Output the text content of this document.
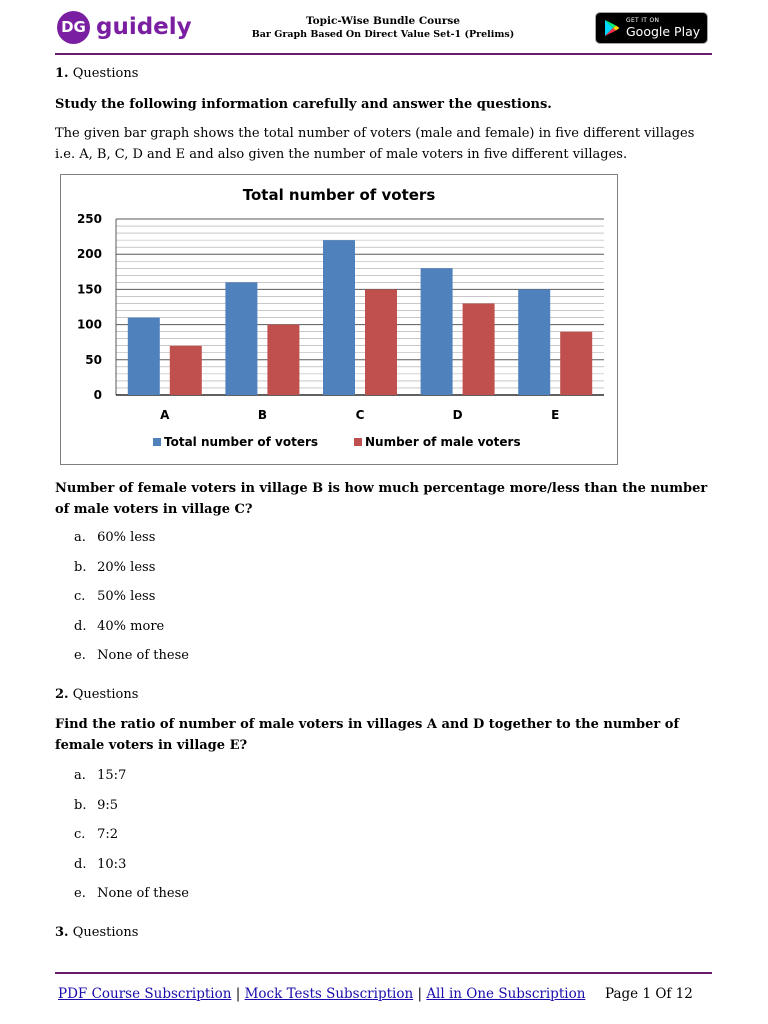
DG guidely	Topic-Wise Bundle Course
Bar Graph Based On Direct Value Set-1 (Prelims)
GET IT ON
Google Play
1. Questions
Study the following information carefully and answer the questions.
The given bar graph shows the total number of voters (male and female) in five different villages i.e. A, B, C, D and E and also given the number of male voters in five different villages.
Total number of voters
0
50
100
150
200
250
A	B	C	D	E
Total number of voters	Number of male voters
Number of female voters in village B is how much percentage more/less than the number of male voters in village C?
a. 60% less
b. 20% less
c. 50% less
d. 40% more
e. None of these
2. Questions
Find the ratio of number of male voters in villages A and D together to the number of female voters in village E?
a. 15:7
b. 9:5
c. 7:2
d. 10:3
e. None of these
3. Questions
PDF Course Subscription | Mock Tests Subscription | All in One Subscription Page 1 Of 12
